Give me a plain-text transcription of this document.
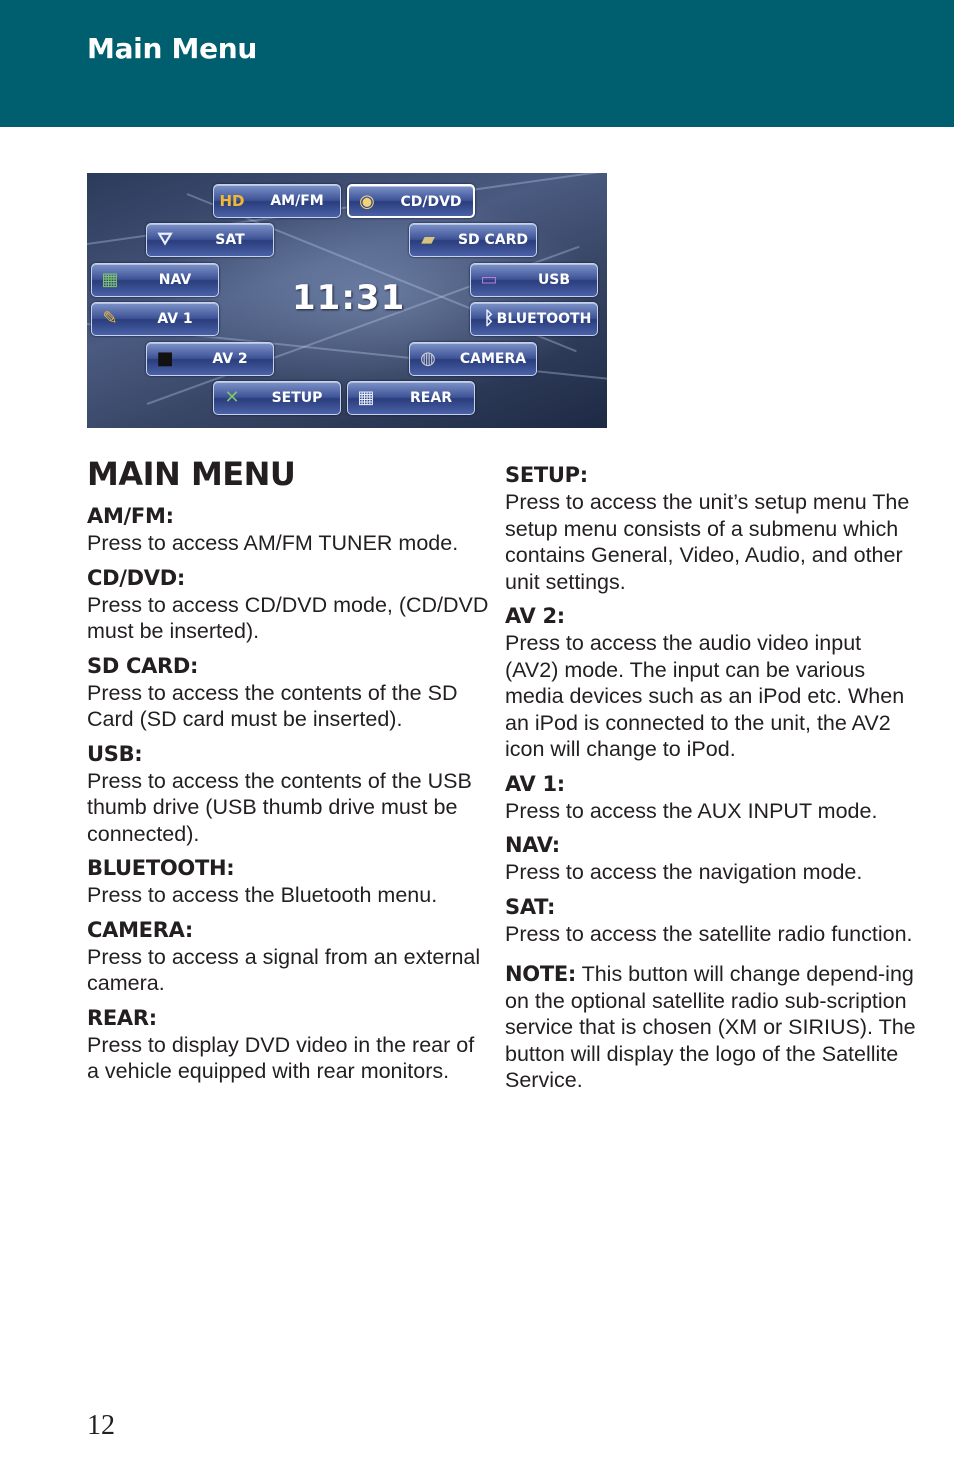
Main Menu
11:31
HD	AM/FM	◉	CD/DVD
⛛	SAT	▰	SD CARD
▦	NAV	▭	USB
✎	AV 1	ᛒ BLUETOOTH
■	AV 2	◍	CAMERA
✕	SETUP	▦	REAR
MAIN MENU
AM/FM:
Press to access AM/FM TUNER mode.
CD/DVD:
Press to access CD/DVD mode, (CD/DVD must be inserted).
SD CARD:
Press to access the contents of the SD Card (SD card must be inserted).
USB:
Press to access the contents of the USB thumb drive (USB thumb drive must be connected).
BLUETOOTH:
Press to access the Bluetooth menu.
CAMERA:
Press to access a signal from an external camera.
REAR:
Press to display DVD video in the rear of a vehicle equipped with rear monitors.
SETUP:
Press to access the unit’s setup menu The setup menu consists of a submenu which contains General, Video, Audio, and other unit settings.
AV 2:
Press to access the audio video input (AV2) mode. The input can be various media devices such as an iPod etc. When an iPod is connected to the unit, the AV2 icon will change to iPod.
AV 1:
Press to access the AUX INPUT mode.
NAV:
Press to access the navigation mode.
SAT:
Press to access the satellite radio function.
NOTE: This button will change depend-ing on the optional satellite radio sub-scription service that is chosen (XM or SIRIUS). The button will display the logo of the Satellite Service.
12
